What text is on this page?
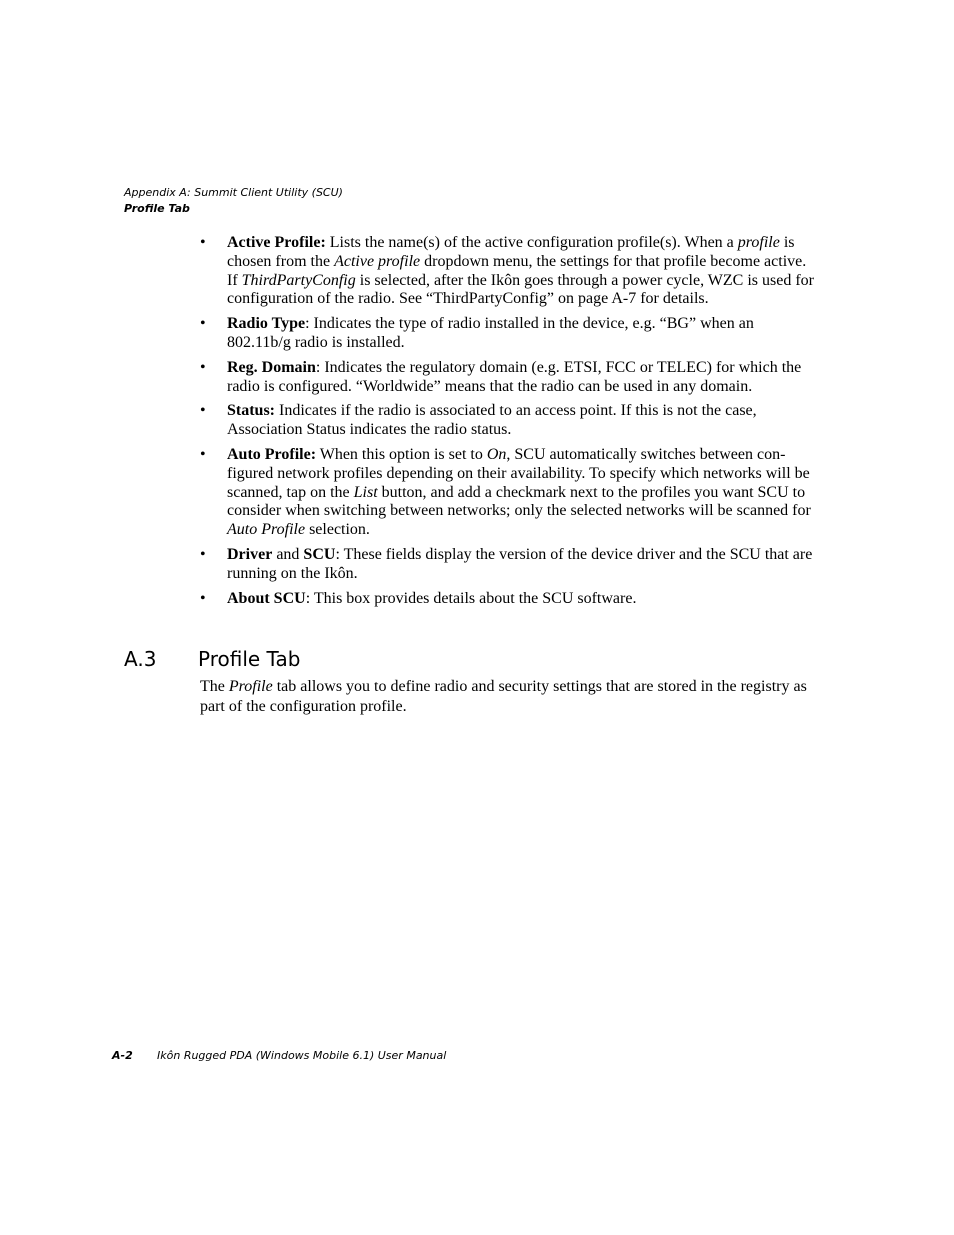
Appendix A: Summit Client Utility (SCU)
Profile Tab
• Active Profile: Lists the name(s) of the active configuration profile(s). When a profile is chosen from the Active profile dropdown menu, the settings for that profile become active.
If ThirdPartyConfig is selected, after the Ikôn goes through a power cycle, WZC is used for configuration of the radio. See “ThirdPartyConfig” on page A-7 for details.
• Radio Type: Indicates the type of radio installed in the device, e.g. “BG” when an 802.11b/g radio is installed.
• Reg. Domain: Indicates the regulatory domain (e.g. ETSI, FCC or TELEC) for which the radio is configured. “Worldwide” means that the radio can be used in any domain.
• Status: Indicates if the radio is associated to an access point. If this is not the case, Association Status indicates the radio status.
• Auto Profile: When this option is set to On, SCU automatically switches between con-figured network profiles depending on their availability. To specify which networks will be scanned, tap on the List button, and add a checkmark next to the profiles you want SCU to consider when switching between networks; only the selected networks will be scanned for Auto Profile selection.
• Driver and SCU: These fields display the version of the device driver and the SCU that are running on the Ikôn.
• About SCU: This box provides details about the SCU software.
A.3 Profile Tab

The Profile tab allows you to define radio and security settings that are stored in the registry as part of the configuration profile.

A-2 Ikôn Rugged PDA (Windows Mobile 6.1) User Manual
